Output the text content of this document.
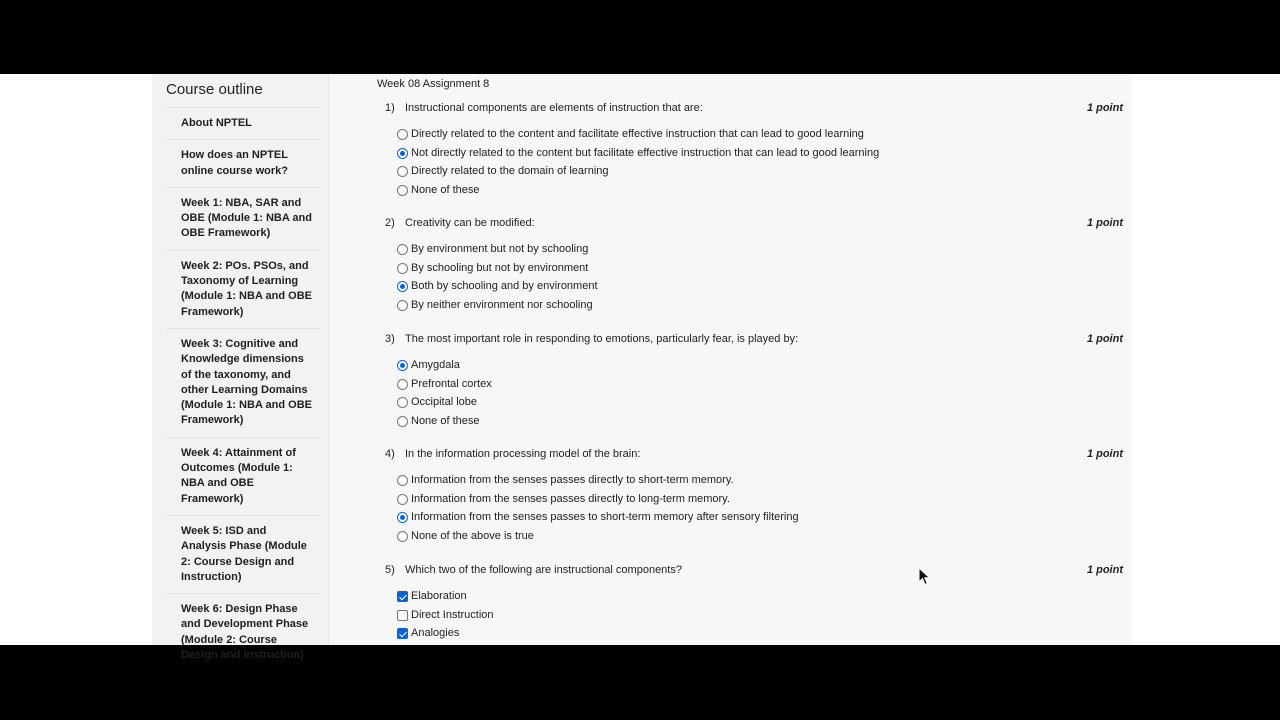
Course outline
About NPTEL
How does an NPTEL online course work?
Week 1: NBA, SAR and OBE (Module 1: NBA and OBE Framework)
Week 2: POs. PSOs, and Taxonomy of Learning (Module 1: NBA and OBE Framework)
Week 3: Cognitive and Knowledge dimensions of the taxonomy, and other Learning Domains (Module 1: NBA and OBE Framework)
Week 4: Attainment of Outcomes (Module 1: NBA and OBE Framework)
Week 5: ISD and Analysis Phase (Module 2: Course Design and Instruction)
Week 6: Design Phase and Development Phase (Module 2: Course Design and Instruction)
Week 08 Assignment 8
1) Instructional components are elements of instruction that are:	1 point
Directly related to the content and facilitate effective instruction that can lead to good learning
Not directly related to the content but facilitate effective instruction that can lead to good learning
Directly related to the domain of learning
None of these
2) Creativity can be modified:	1 point
By environment but not by schooling
By schooling but not by environment
Both by schooling and by environment
By neither environment nor schooling
3) The most important role in responding to emotions, particularly fear, is played by:	1 point
Amygdala
Prefrontal cortex
Occipital lobe
None of these
4) In the information processing model of the brain:	1 point
Information from the senses passes directly to short-term memory.
Information from the senses passes directly to long-term memory.
Information from the senses passes to short-term memory after sensory filtering
None of the above is true
5) Which two of the following are instructional components?	1 point
Elaboration
Direct Instruction
Analogies
